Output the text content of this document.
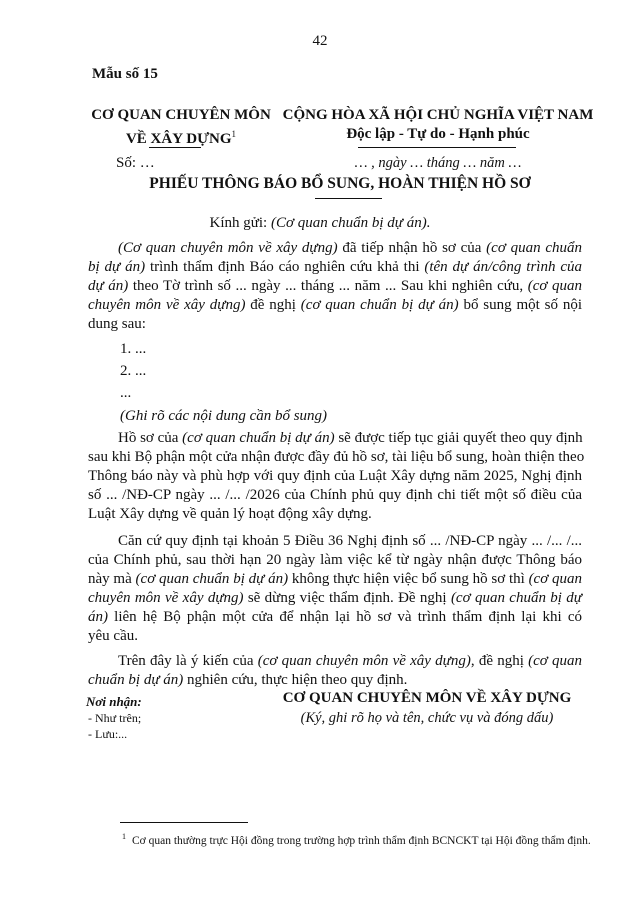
42
Mẫu số 15
CƠ QUAN CHUYÊN MÔN
VỀ XÂY DỰNG$^1$
CỘNG HÒA XÃ HỘI CHỦ NGHĨA VIỆT NAM
Độc lập - Tự do - Hạnh phúc
Số: …	… , ngày … tháng … năm …
PHIẾU THÔNG BÁO BỔ SUNG, HOÀN THIỆN HỒ SƠ
Kính gửi: (Cơ quan chuẩn bị dự án).
(Cơ quan chuyên môn về xây dựng) đã tiếp nhận hồ sơ của (cơ quan chuẩn
bị dự án) trình thẩm định Báo cáo nghiên cứu khả thi (tên dự án/công trình của
dự án) theo Tờ trình số ... ngày ... tháng ... năm ... Sau khi nghiên cứu, (cơ quan
chuyên môn về xây dựng) đề nghị (cơ quan chuẩn bị dự án) bổ sung một số nội
dung sau:
1. ...
2. ...
...
(Ghi rõ các nội dung cần bổ sung)
Hồ sơ của (cơ quan chuẩn bị dự án) sẽ được tiếp tục giải quyết theo quy định
sau khi Bộ phận một cửa nhận được đầy đủ hồ sơ, tài liệu bổ sung, hoàn thiện theo
Thông báo này và phù hợp với quy định của Luật Xây dựng năm 2025, Nghị định
số ... /NĐ-CP ngày ... /... /2026 của Chính phủ quy định chi tiết một số điều của
Luật Xây dựng về quản lý hoạt động xây dựng.
Căn cứ quy định tại khoản 5 Điều 36 Nghị định số ... /NĐ-CP ngày ... /... /...
của Chính phủ, sau thời hạn 20 ngày làm việc kể từ ngày nhận được Thông báo
này mà (cơ quan chuẩn bị dự án) không thực hiện việc bổ sung hồ sơ thì (cơ quan
chuyên môn về xây dựng) sẽ dừng việc thẩm định. Đề nghị (cơ quan chuẩn bị dự
án) liên hệ Bộ phận một cửa để nhận lại hồ sơ và trình thẩm định lại khi có
yêu cầu.
Trên đây là ý kiến của (cơ quan chuyên môn về xây dựng), đề nghị (cơ quan
chuẩn bị dự án) nghiên cứu, thực hiện theo quy định.
Nơi nhận:
- Như trên;
- Lưu:...
CƠ QUAN CHUYÊN MÔN VỀ XÂY DỰNG
(Ký, ghi rõ họ và tên, chức vụ và đóng dấu)
$^1$ Cơ quan thường trực Hội đồng trong trường hợp trình thẩm định BCNCKT tại Hội đồng thẩm định.
